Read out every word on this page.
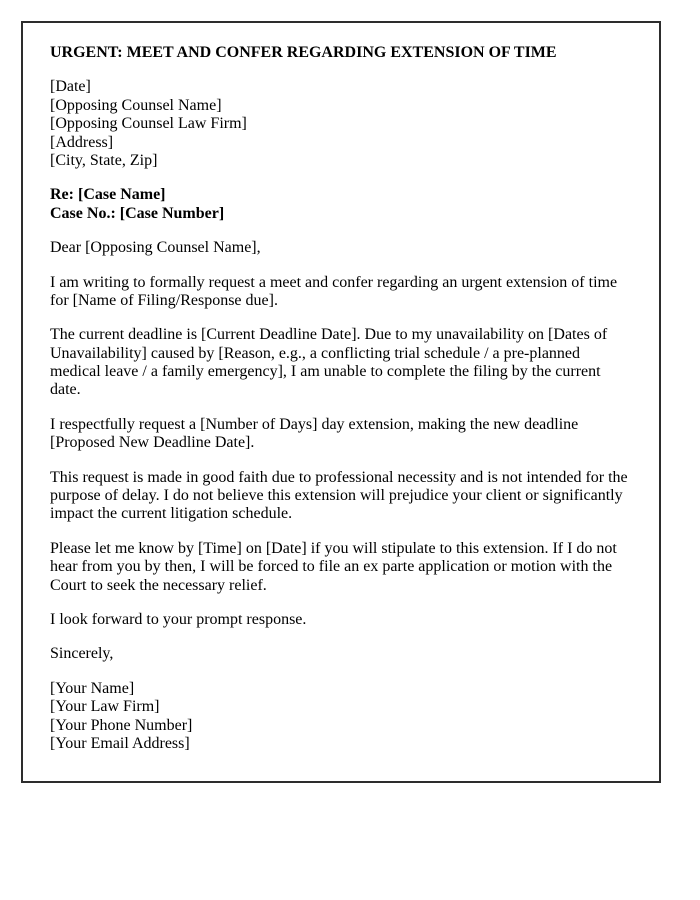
URGENT: MEET AND CONFER REGARDING EXTENSION OF TIME

[Date]
[Opposing Counsel Name]
[Opposing Counsel Law Firm]
[Address]
[City, State, Zip]

Re: [Case Name]
Case No.: [Case Number]

Dear [Opposing Counsel Name],

I am writing to formally request a meet and confer regarding an urgent extension of time for [Name of Filing/Response due].

The current deadline is [Current Deadline Date]. Due to my unavailability on [Dates of Unavailability] caused by [Reason, e.g., a conflicting trial schedule / a pre-planned medical leave / a family emergency], I am unable to complete the filing by the current date.

I respectfully request a [Number of Days] day extension, making the new deadline [Proposed New Deadline Date].

This request is made in good faith due to professional necessity and is not intended for the purpose of delay. I do not believe this extension will prejudice your client or significantly impact the current litigation schedule.

Please let me know by [Time] on [Date] if you will stipulate to this extension. If I do not hear from you by then, I will be forced to file an ex parte application or motion with the Court to seek the necessary relief.

I look forward to your prompt response.

Sincerely,

[Your Name]
[Your Law Firm]
[Your Phone Number]
[Your Email Address]
